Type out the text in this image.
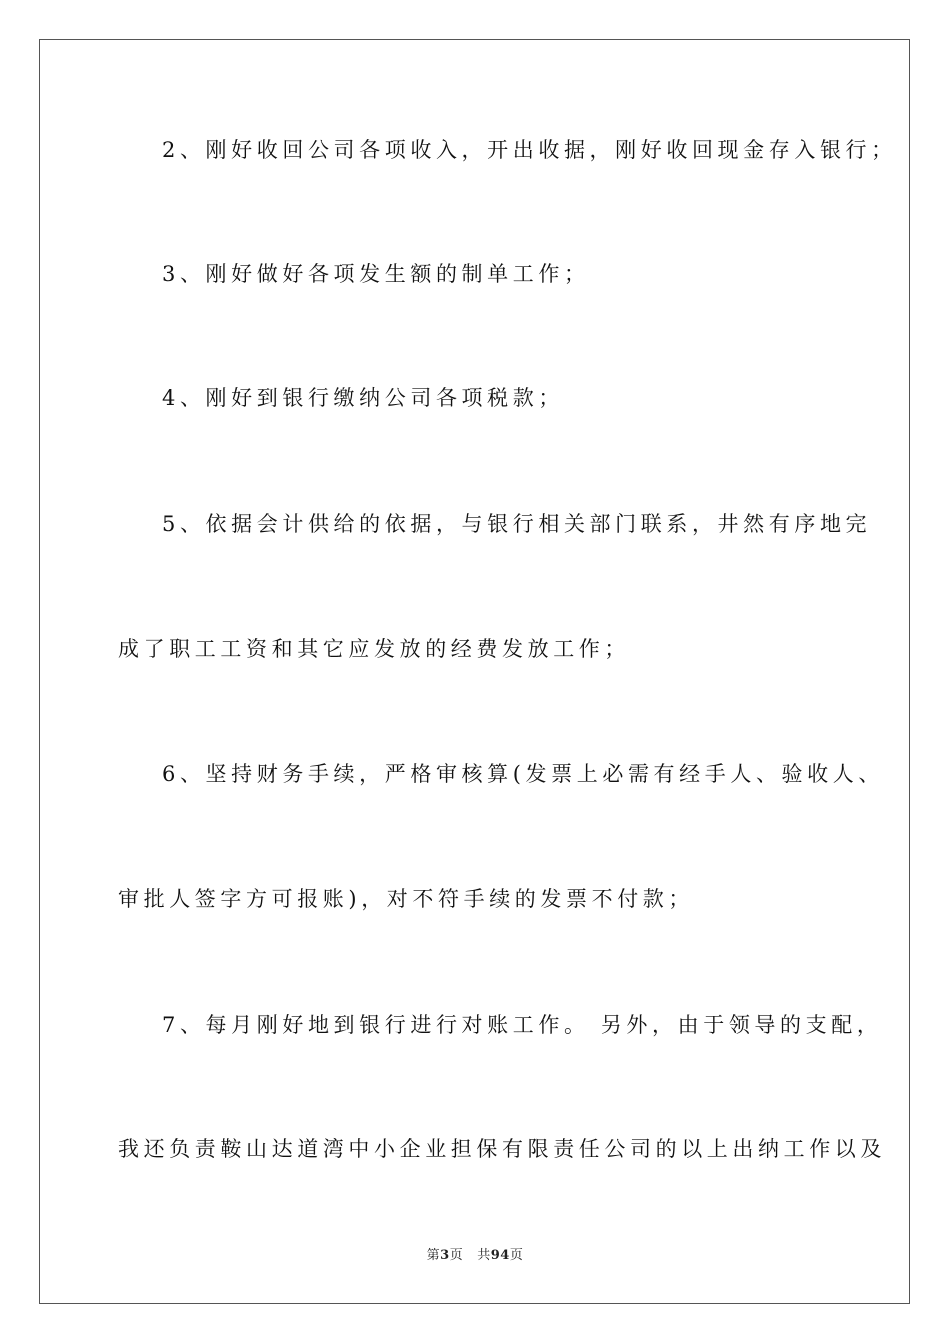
2、刚好收回公司各项收入，开出收据，刚好收回现金存入银行；
3、刚好做好各项发生额的制单工作；
4、刚好到银行缴纳公司各项税款；
5、依据会计供给的依据，与银行相关部门联系，井然有序地完
成了职工工资和其它应发放的经费发放工作；
6、坚持财务手续，严格审核算(发票上必需有经手人、验收人、
审批人签字方可报账)，对不符手续的发票不付款；
7、每月刚好地到银行进行对账工作。 另外，由于领导的支配，
我还负责鞍山达道湾中小企业担保有限责任公司的以上出纳工作以及
第3页 共94页
